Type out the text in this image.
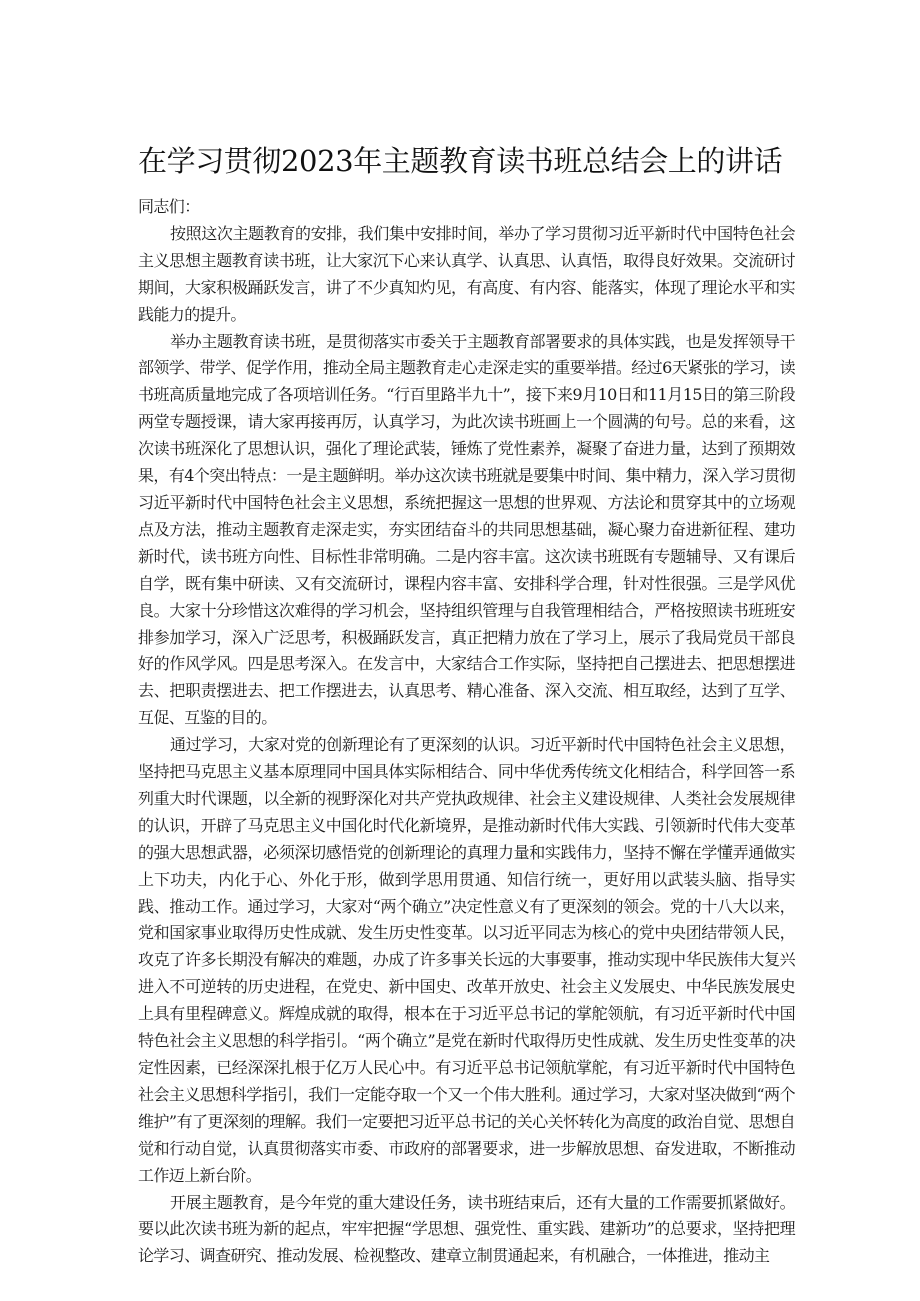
在学习贯彻2023年主题教育读书班总结会上的讲话

同志们：

按照这次主题教育的安排，我们集中安排时间，举办了学习贯彻习近平新时代中国特色社会主义思想主题教育读书班，让大家沉下心来认真学、认真思、认真悟，取得良好效果。交流研讨期间，大家积极踊跃发言，讲了不少真知灼见，有高度、有内容、能落实，体现了理论水平和实践能力的提升。

举办主题教育读书班，是贯彻落实市委关于主题教育部署要求的具体实践，也是发挥领导干部领学、带学、促学作用，推动全局主题教育走心走深走实的重要举措。经过6天紧张的学习，读书班高质量地完成了各项培训任务。“行百里路半九十”，接下来9月10日和11月15日的第三阶段两堂专题授课，请大家再接再厉，认真学习，为此次读书班画上一个圆满的句号。总的来看，这次读书班深化了思想认识，强化了理论武装，锤炼了党性素养，凝聚了奋进力量，达到了预期效果，有4个突出特点：一是主题鲜明。举办这次读书班就是要集中时间、集中精力，深入学习贯彻习近平新时代中国特色社会主义思想，系统把握这一思想的世界观、方法论和贯穿其中的立场观点及方法，推动主题教育走深走实，夯实团结奋斗的共同思想基础，凝心聚力奋进新征程、建功新时代，读书班方向性、目标性非常明确。二是内容丰富。这次读书班既有专题辅导、又有课后自学，既有集中研读、又有交流研讨，课程内容丰富、安排科学合理，针对性很强。三是学风优良。大家十分珍惜这次难得的学习机会，坚持组织管理与自我管理相结合，严格按照读书班班安排参加学习，深入广泛思考，积极踊跃发言，真正把精力放在了学习上，展示了我局党员干部良好的作风学风。四是思考深入。在发言中，大家结合工作实际，坚持把自己摆进去、把思想摆进去、把职责摆进去、把工作摆进去，认真思考、精心准备、深入交流、相互取经，达到了互学、互促、互鉴的目的。

通过学习，大家对党的创新理论有了更深刻的认识。习近平新时代中国特色社会主义思想，坚持把马克思主义基本原理同中国具体实际相结合、同中华优秀传统文化相结合，科学回答一系列重大时代课题，以全新的视野深化对共产党执政规律、社会主义建设规律、人类社会发展规律的认识，开辟了马克思主义中国化时代化新境界，是推动新时代伟大实践、引领新时代伟大变革的强大思想武器，必须深切感悟党的创新理论的真理力量和实践伟力，坚持不懈在学懂弄通做实上下功夫，内化于心、外化于形，做到学思用贯通、知信行统一，更好用以武装头脑、指导实践、推动工作。通过学习，大家对“两个确立”决定性意义有了更深刻的领会。党的十八大以来，党和国家事业取得历史性成就、发生历史性变革。以习近平同志为核心的党中央团结带领人民，攻克了许多长期没有解决的难题，办成了许多事关长远的大事要事，推动实现中华民族伟大复兴进入不可逆转的历史进程，在党史、新中国史、改革开放史、社会主义发展史、中华民族发展史上具有里程碑意义。辉煌成就的取得，根本在于习近平总书记的掌舵领航，有习近平新时代中国特色社会主义思想的科学指引。“两个确立”是党在新时代取得历史性成就、发生历史性变革的决定性因素，已经深深扎根于亿万人民心中。有习近平总书记领航掌舵，有习近平新时代中国特色社会主义思想科学指引，我们一定能夺取一个又一个伟大胜利。通过学习，大家对坚决做到“两个维护”有了更深刻的理解。我们一定要把习近平总书记的关心关怀转化为高度的政治自觉、思想自觉和行动自觉，认真贯彻落实市委、市政府的部署要求，进一步解放思想、奋发进取，不断推动工作迈上新台阶。

开展主题教育，是今年党的重大建设任务，读书班结束后，还有大量的工作需要抓紧做好。要以此次读书班为新的起点，牢牢把握“学思想、强党性、重实践、建新功”的总要求，坚持把理论学习、调查研究、推动发展、检视整改、建章立制贯通起来，有机融合，一体推进，推动主
